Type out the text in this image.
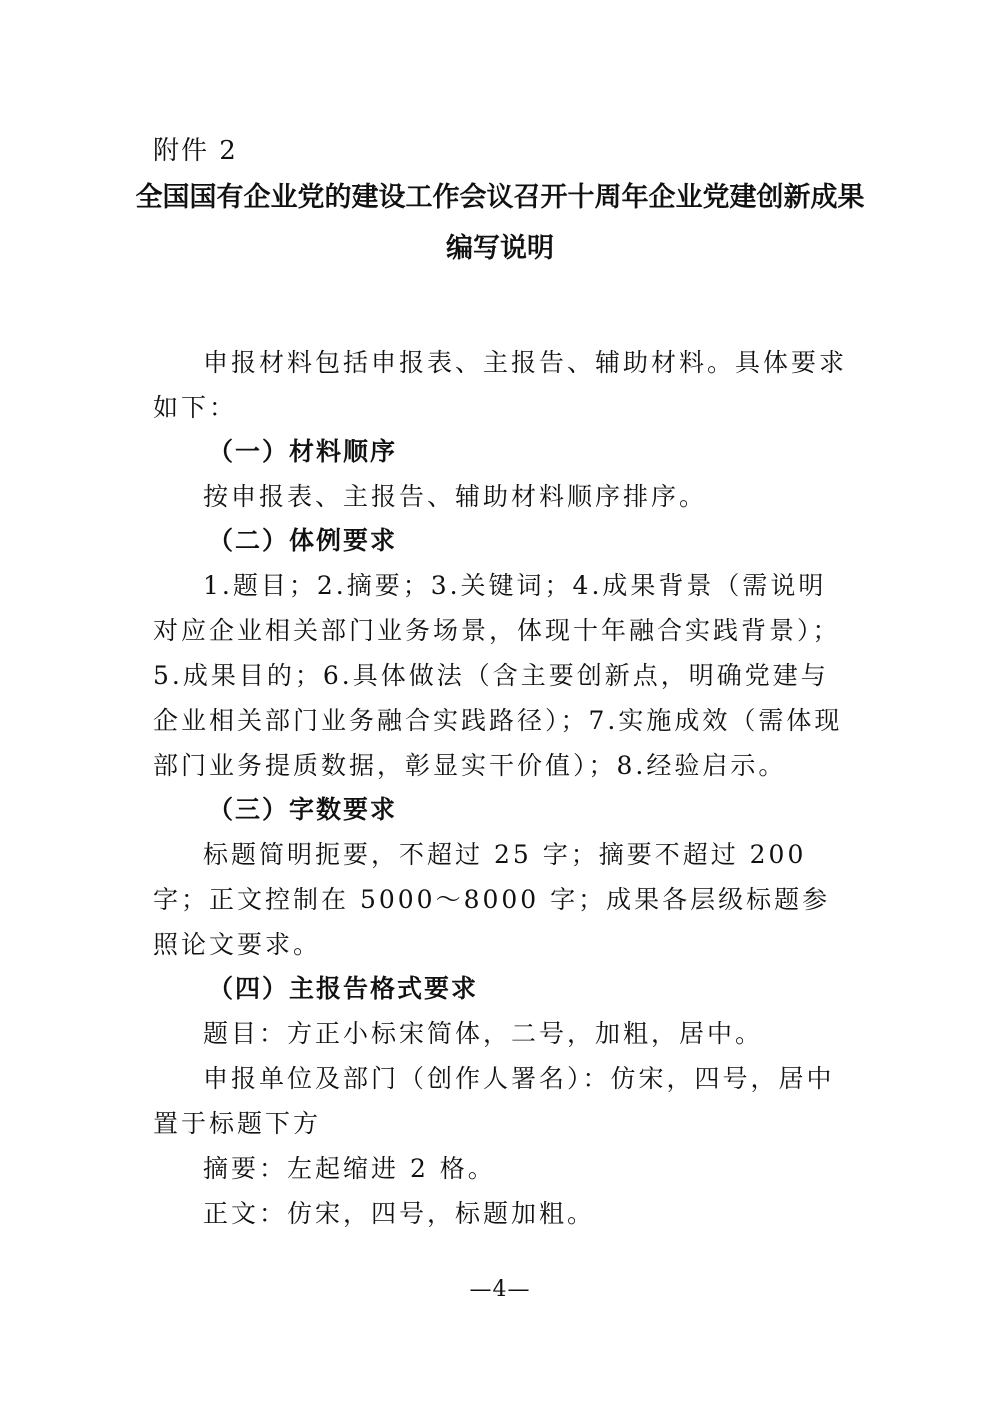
附件 2
全国国有企业党的建设工作会议召开十周年企业党建创新成果
编写说明

申报材料包括申报表、主报告、辅助材料。具体要求如下：

（一）材料顺序

按申报表、主报告、辅助材料顺序排序。

（二）体例要求

1.题目；2.摘要；3.关键词；4.成果背景（需说明对应企业相关部门业务场景，体现十年融合实践背景）；5.成果目的；6.具体做法（含主要创新点，明确党建与企业相关部门业务融合实践路径）；7.实施成效（需体现部门业务提质数据，彰显实干价值）；8.经验启示。

（三）字数要求

标题简明扼要，不超过 25 字；摘要不超过 200 字；正文控制在 5000～8000 字；成果各层级标题参照论文要求。

（四）主报告格式要求

题目：方正小标宋简体，二号，加粗，居中。

申报单位及部门（创作人署名）：仿宋，四号，居中置于标题下方

摘要：左起缩进 2 格。

正文：仿宋，四号，标题加粗。

—4—
